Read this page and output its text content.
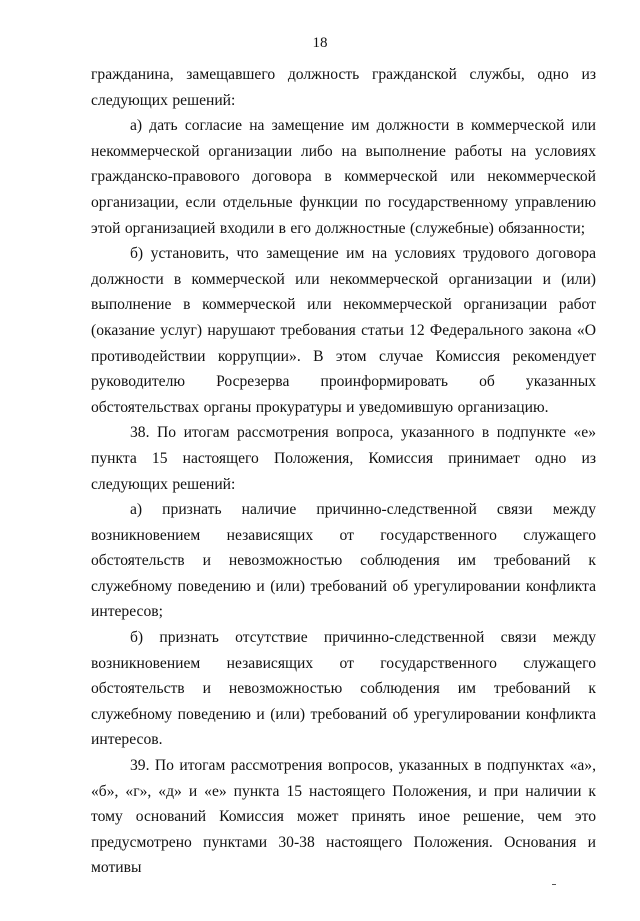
18

гражданина, замещавшего должность гражданской службы, одно из следующих решений:

а) дать согласие на замещение им должности в коммерческой или некоммерческой организации либо на выполнение работы на условиях гражданско-правового договора в коммерческой или некоммерческой организации, если отдельные функции по государственному управлению этой организацией входили в его должностные (служебные) обязанности;

б) установить, что замещение им на условиях трудового договора должности в коммерческой или некоммерческой организации и (или) выполнение в коммерческой или некоммерческой организации работ (оказание услуг) нарушают требования статьи 12 Федерального закона «О противодействии коррупции». В этом случае Комиссия рекомендует руководителю Росрезерва проинформировать об указанных обстоятельствах органы прокуратуры и уведомившую организацию.

38. По итогам рассмотрения вопроса, указанного в подпункте «е» пункта 15 настоящего Положения, Комиссия принимает одно из следующих решений:

а) признать наличие причинно-следственной связи между возникновением независящих от государственного служащего обстоятельств и невозможностью соблюдения им требований к служебному поведению и (или) требований об урегулировании конфликта интересов;

б) признать отсутствие причинно-следственной связи между возникновением независящих от государственного служащего обстоятельств и невозможностью соблюдения им требований к служебному поведению и (или) требований об урегулировании конфликта интересов.

39. По итогам рассмотрения вопросов, указанных в подпунктах «а», «б», «г», «д» и «е» пункта 15 настоящего Положения, и при наличии к тому оснований Комиссия может принять иное решение, чем это предусмотрено пунктами 30-38 настоящего Положения. Основания и мотивы
